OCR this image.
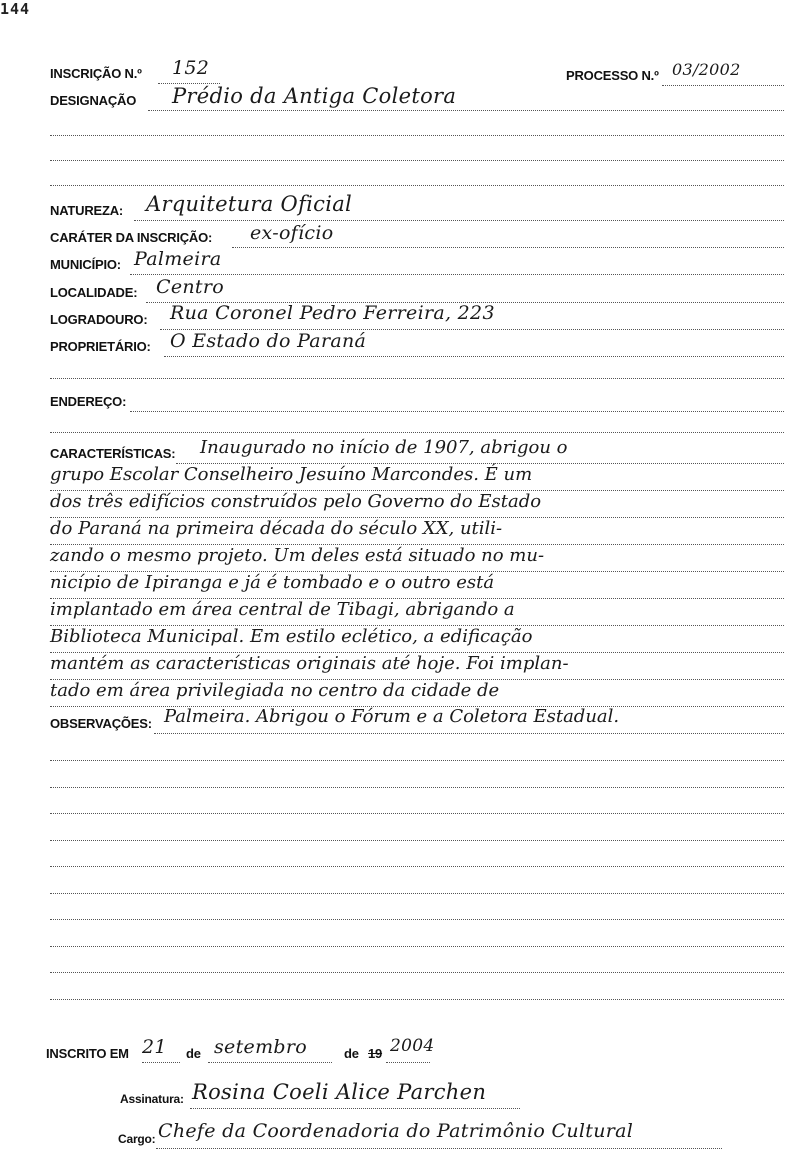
144
INSCRIÇÃO N.º 152	PROCESSO N.º 03/2002
DESIGNAÇÃO Prédio da Antiga Coletora
NATUREZA: Arquitetura Oficial
CARÁTER DA INSCRIÇÃO: ex-ofício
MUNICÍPIO: Palmeira
LOCALIDADE: Centro
LOGRADOURO: Rua Coronel Pedro Ferreira, 223
PROPRIETÁRIO: O Estado do Paraná
ENDEREÇO:
CARACTERÍSTICAS: Inaugurado no início de 1907, abrigou o
grupo Escolar Conselheiro Jesuíno Marcondes. É um
dos três edifícios construídos pelo Governo do Estado
do Paraná na primeira década do século XX, utili-
zando o mesmo projeto. Um deles está situado no mu-
nicípio de Ipiranga e já é tombado e o outro está
implantado em área central de Tibagi, abrigando a
Biblioteca Municipal. Em estilo eclético, a edificação
mantém as características originais até hoje. Foi implan-
tado em área privilegiada no centro da cidade de
OBSERVAÇÕES: Palmeira. Abrigou o Fórum e a Coletora Estadual.
INSCRITO EM 21 de setembro	de 19 2004
Assinatura: Rosina Coeli Alice Parchen
Cargo: Chefe da Coordenadoria do Patrimônio Cultural
